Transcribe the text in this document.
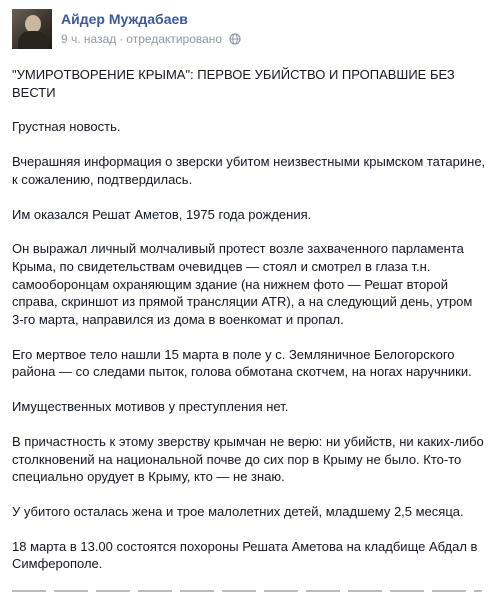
Айдер Муждабаев
9 ч. назад · отредактировано

"УМИРОТВОРЕНИЕ КРЫМА": ПЕРВОЕ УБИЙСТВО И ПРОПАВШИЕ БЕЗ ВЕСТИ

Грустная новость.

Вчерашняя информация о зверски убитом неизвестными крымском татарине, к сожалению, подтвердилась.

Им оказался Решат Аметов, 1975 года рождения.

Он выражал личный молчаливый протест возле захваченного парламента Крыма, по свидетельствам очевидцев — стоял и смотрел в глаза т.н. самооборонцам охраняющим здание (на нижнем фото — Решат второй справа, скриншот из прямой трансляции ATR), а на следующий день, утром 3-го марта, направился из дома в военкомат и пропал.

Его мертвое тело нашли 15 марта в поле у с. Земляничное Белогорского района — со следами пыток, голова обмотана скотчем, на ногах наручники.

Имущественных мотивов у преступления нет.

В причастность к этому зверству крымчан не верю: ни убийств, ни каких-либо столкновений на национальной почве до сих пор в Крыму не было. Кто-то специально орудует в Крыму, кто — не знаю.

У убитого осталась жена и трое малолетних детей, младшему 2,5 месяца.

18 марта в 13.00 состоятся похороны Решата Аметова на кладбище Абдал в Симферополе.
